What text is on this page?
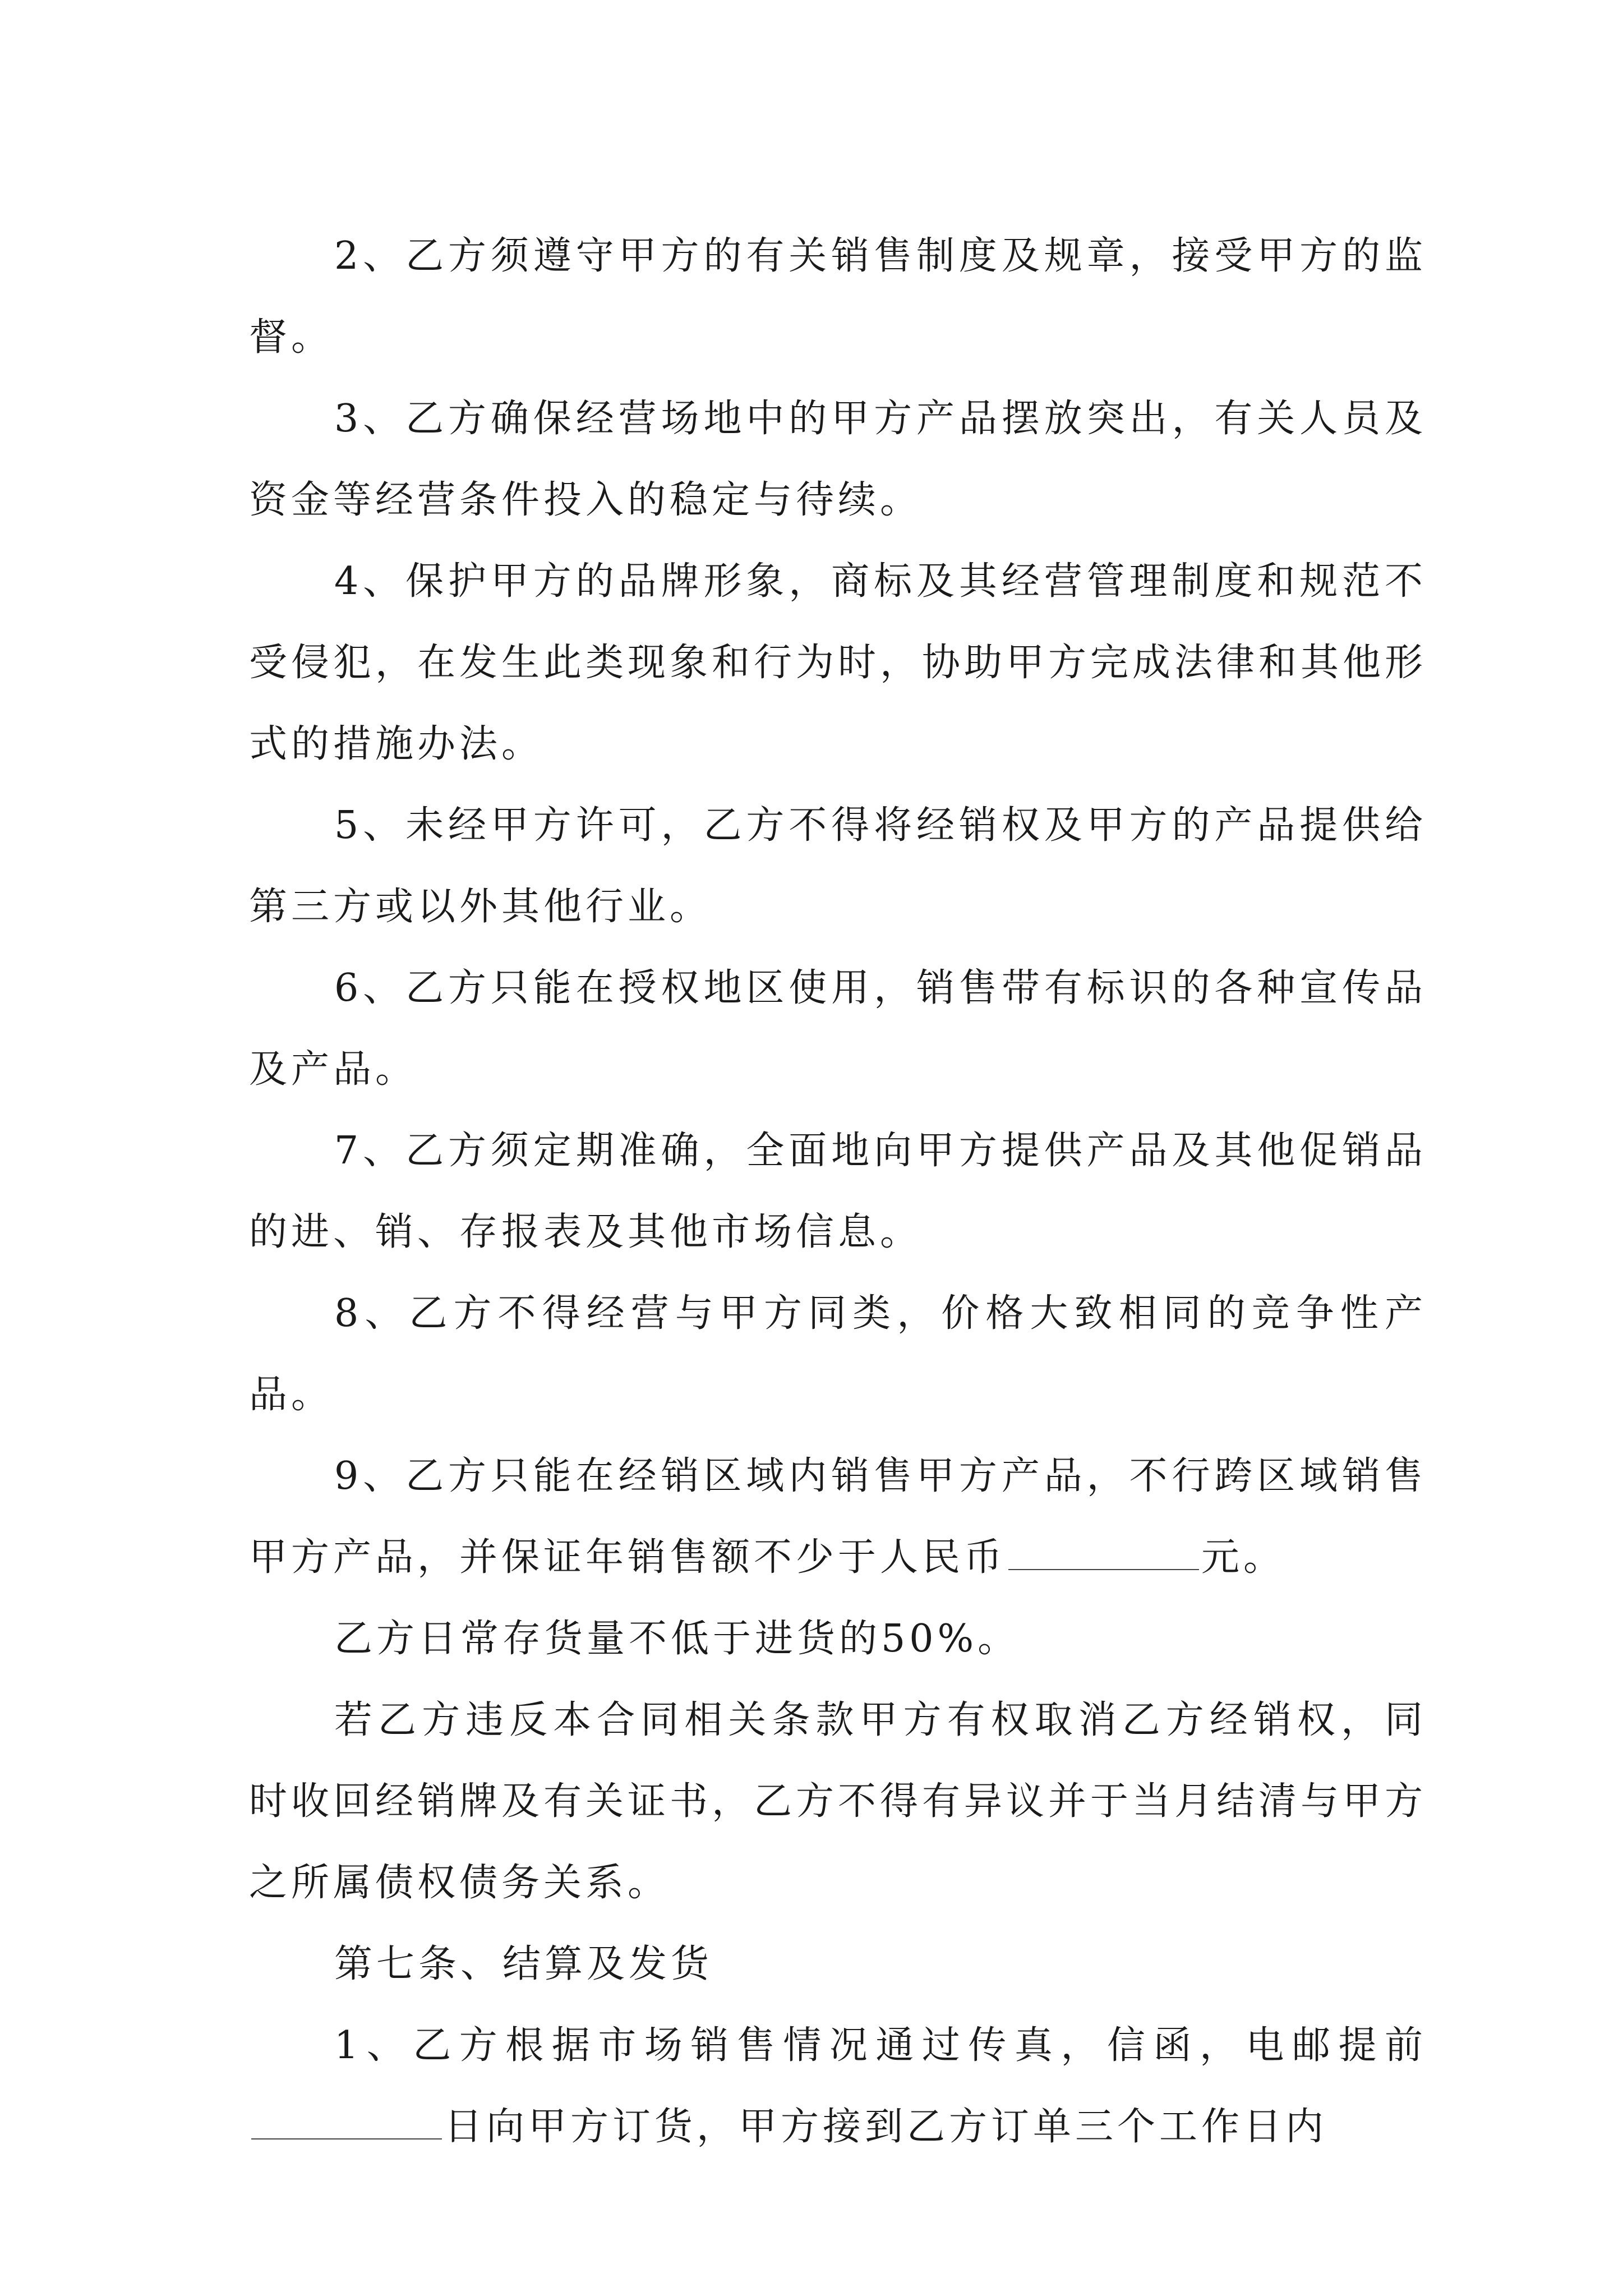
2、乙方须遵守甲方的有关销售制度及规章，接受甲方的监督。

3、乙方确保经营场地中的甲方产品摆放突出，有关人员及资金等经营条件投入的稳定与待续。

4、保护甲方的品牌形象，商标及其经营管理制度和规范不受侵犯，在发生此类现象和行为时，协助甲方完成法律和其他形式的措施办法。

5、未经甲方许可，乙方不得将经销权及甲方的产品提供给第三方或以外其他行业。

6、乙方只能在授权地区使用，销售带有标识的各种宣传品及产品。

7、乙方须定期准确，全面地向甲方提供产品及其他促销品的进、销、存报表及其他市场信息。

8、乙方不得经营与甲方同类，价格大致相同的竞争性产品。

9、乙方只能在经销区域内销售甲方产品，不行跨区域销售甲方产品，并保证年销售额不少于人民币	元。

乙方日常存货量不低于进货的50%。

若乙方违反本合同相关条款甲方有权取消乙方经销权，同时收回经销牌及有关证书，乙方不得有异议并于当月结清与甲方之所属债权债务关系。

第七条、结算及发货

1、乙方根据市场销售情况通过传真，信函，电邮提前日向甲方订货，甲方接到乙方订单三个工作日内
